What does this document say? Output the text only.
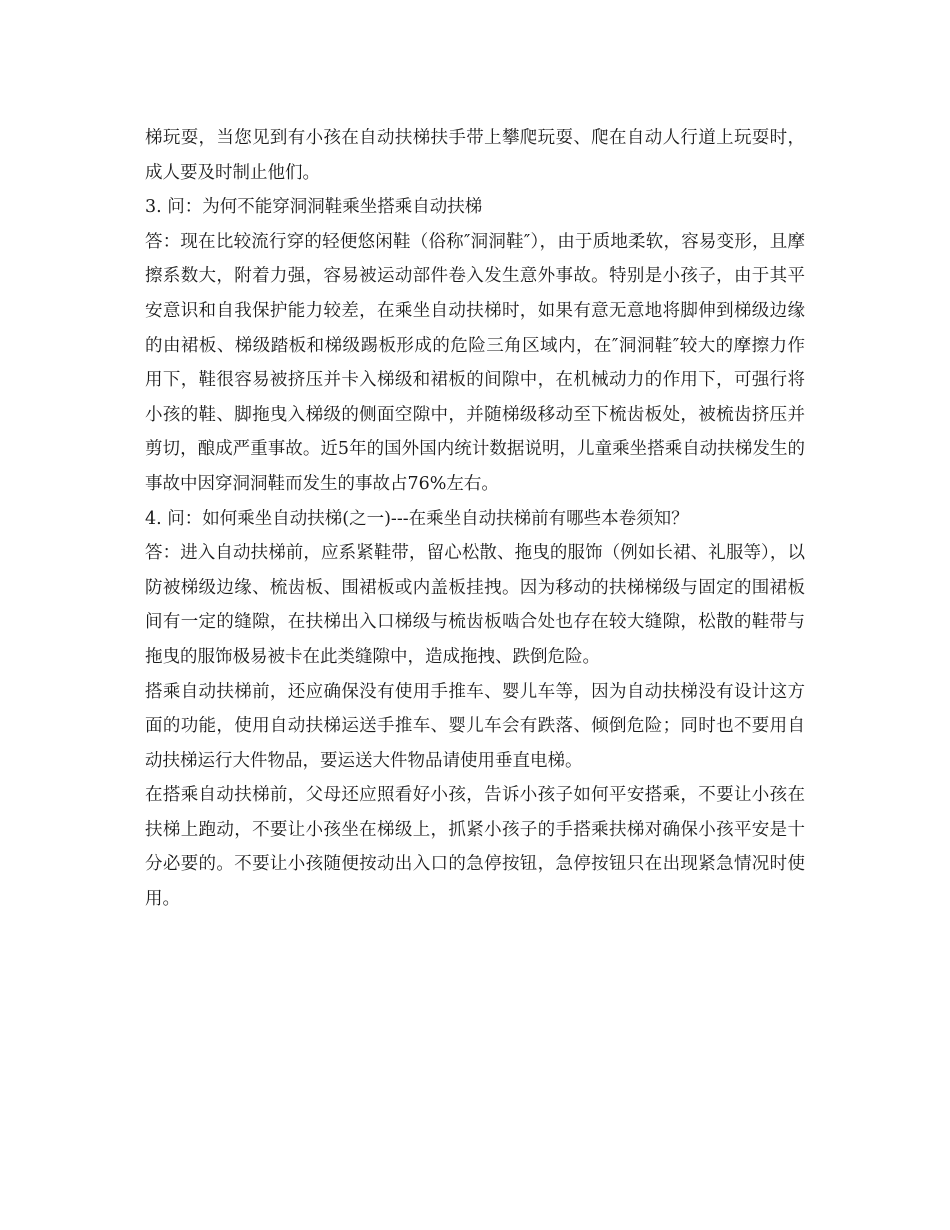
梯玩耍，当您见到有小孩在自动扶梯扶手带上攀爬玩耍、爬在自动人行道上玩耍时，成人要及时制止他们。

3. 问：为何不能穿洞洞鞋乘坐搭乘自动扶梯

答：现在比较流行穿的轻便悠闲鞋（俗称″洞洞鞋″），由于质地柔软，容易变形，且摩擦系数大，附着力强，容易被运动部件卷入发生意外事故。特别是小孩子，由于其平安意识和自我保护能力较差，在乘坐自动扶梯时，如果有意无意地将脚伸到梯级边缘的由裙板、梯级踏板和梯级踢板形成的危险三角区域内，在″洞洞鞋″较大的摩擦力作用下，鞋很容易被挤压并卡入梯级和裙板的间隙中，在机械动力的作用下，可强行将小孩的鞋、脚拖曳入梯级的侧面空隙中，并随梯级移动至下梳齿板处，被梳齿挤压并剪切，酿成严重事故。近5年的国外国内统计数据说明，儿童乘坐搭乘自动扶梯发生的事故中因穿洞洞鞋而发生的事故占76%左右。

4. 问：如何乘坐自动扶梯(之一)---在乘坐自动扶梯前有哪些本卷须知？

答：进入自动扶梯前，应系紧鞋带，留心松散、拖曳的服饰（例如长裙、礼服等），以防被梯级边缘、梳齿板、围裙板或内盖板挂拽。因为移动的扶梯梯级与固定的围裙板间有一定的缝隙，在扶梯出入口梯级与梳齿板啮合处也存在较大缝隙，松散的鞋带与拖曳的服饰极易被卡在此类缝隙中，造成拖拽、跌倒危险。

搭乘自动扶梯前，还应确保没有使用手推车、婴儿车等，因为自动扶梯没有设计这方面的功能，使用自动扶梯运送手推车、婴儿车会有跌落、倾倒危险；同时也不要用自动扶梯运行大件物品，要运送大件物品请使用垂直电梯。

在搭乘自动扶梯前，父母还应照看好小孩，告诉小孩子如何平安搭乘，不要让小孩在扶梯上跑动，不要让小孩坐在梯级上，抓紧小孩子的手搭乘扶梯对确保小孩平安是十分必要的。不要让小孩随便按动出入口的急停按钮，急停按钮只在出现紧急情况时使用。
